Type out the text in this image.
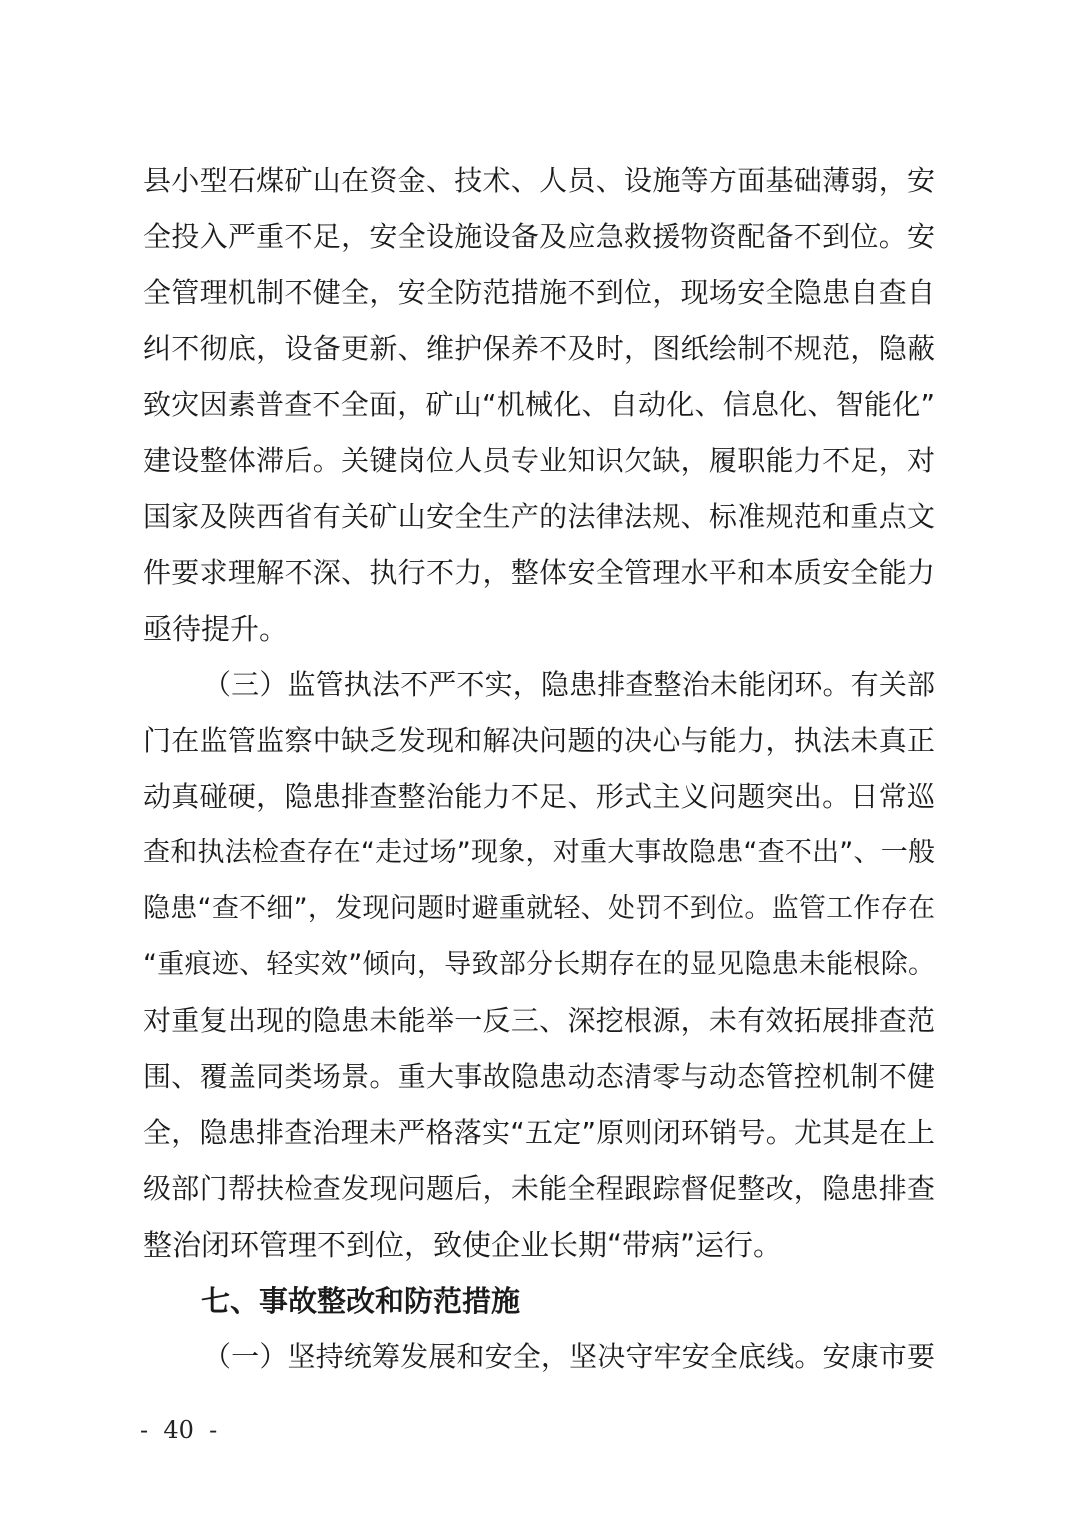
县小型石煤矿山在资金、技术、人员、设施等方面基础薄弱，安
全投入严重不足，安全设施设备及应急救援物资配备不到位。安
全管理机制不健全，安全防范措施不到位，现场安全隐患自查自
纠不彻底，设备更新、维护保养不及时，图纸绘制不规范，隐蔽
致灾因素普查不全面，矿山“机械化、自动化、信息化、智能化”
建设整体滞后。关键岗位人员专业知识欠缺，履职能力不足，对
国家及陕西省有关矿山安全生产的法律法规、标准规范和重点文
件要求理解不深、执行不力，整体安全管理水平和本质安全能力
亟待提升。
（三）监管执法不严不实，隐患排查整治未能闭环。有关部
门在监管监察中缺乏发现和解决问题的决心与能力，执法未真正
动真碰硬，隐患排查整治能力不足、形式主义问题突出。日常巡
查和执法检查存在“走过场”现象，对重大事故隐患“查不出”、一般
隐患“查不细”，发现问题时避重就轻、处罚不到位。监管工作存在
“重痕迹、轻实效”倾向，导致部分长期存在的显见隐患未能根除。
对重复出现的隐患未能举一反三、深挖根源，未有效拓展排查范
围、覆盖同类场景。重大事故隐患动态清零与动态管控机制不健
全，隐患排查治理未严格落实“五定”原则闭环销号。尤其是在上
级部门帮扶检查发现问题后，未能全程跟踪督促整改，隐患排查
整治闭环管理不到位，致使企业长期“带病”运行。
七、事故整改和防范措施
（一）坚持统筹发展和安全，坚决守牢安全底线。安康市要
-  40  -
